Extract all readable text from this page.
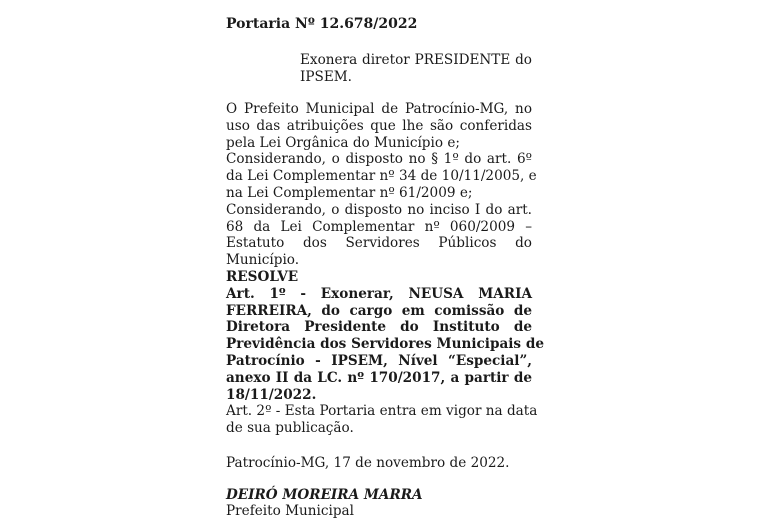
Portaria Nº 12.678/2022
Exonera diretor PRESIDENTE do
IPSEM.
O Prefeito Municipal de Patrocínio-MG, no
uso das atribuições que lhe são conferidas
pela Lei Orgânica do Município e;
Considerando, o disposto no § 1º do art. 6º
da Lei Complementar nº 34 de 10/11/2005, e
na Lei Complementar nº 61/2009 e;
Considerando, o disposto no inciso I do art.
68 da Lei Complementar nº 060/2009 –
Estatuto dos Servidores Públicos do
Município.
RESOLVE
Art. 1º - Exonerar, NEUSA MARIA
FERREIRA, do cargo em comissão de
Diretora Presidente do Instituto de
Previdência dos Servidores Municipais de
Patrocínio - IPSEM, Nível “Especial”,
anexo II da LC. nº 170/2017, a partir de
18/11/2022.
Art. 2º - Esta Portaria entra em vigor na data
de sua publicação.
Patrocínio-MG, 17 de novembro de 2022.
DEIRÓ MOREIRA MARRA
Prefeito Municipal
